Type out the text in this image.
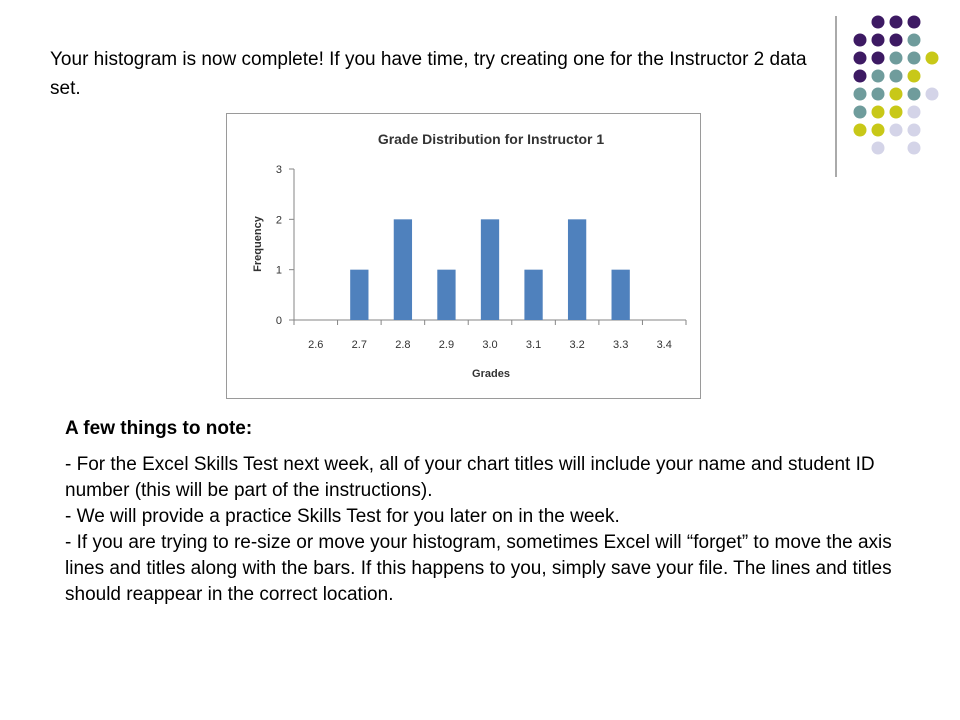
Your histogram is now complete! If you have time, try creating one for the Instructor 2 data set.
Grade Distribution for Instructor 1
Frequency
Grades
0
1
2
3
2.6	2.7	2.8	2.9	3.0	3.1	3.2	3.3	3.4
A few things to note:
- For the Excel Skills Test next week, all of your chart titles will include your name and student ID number (this will be part of the instructions).
- We will provide a practice Skills Test for you later on in the week.
- If you are trying to re-size or move your histogram, sometimes Excel will “forget” to move the axis lines and titles along with the bars. If this happens to you, simply save your file. The lines and titles should reappear in the correct location.
